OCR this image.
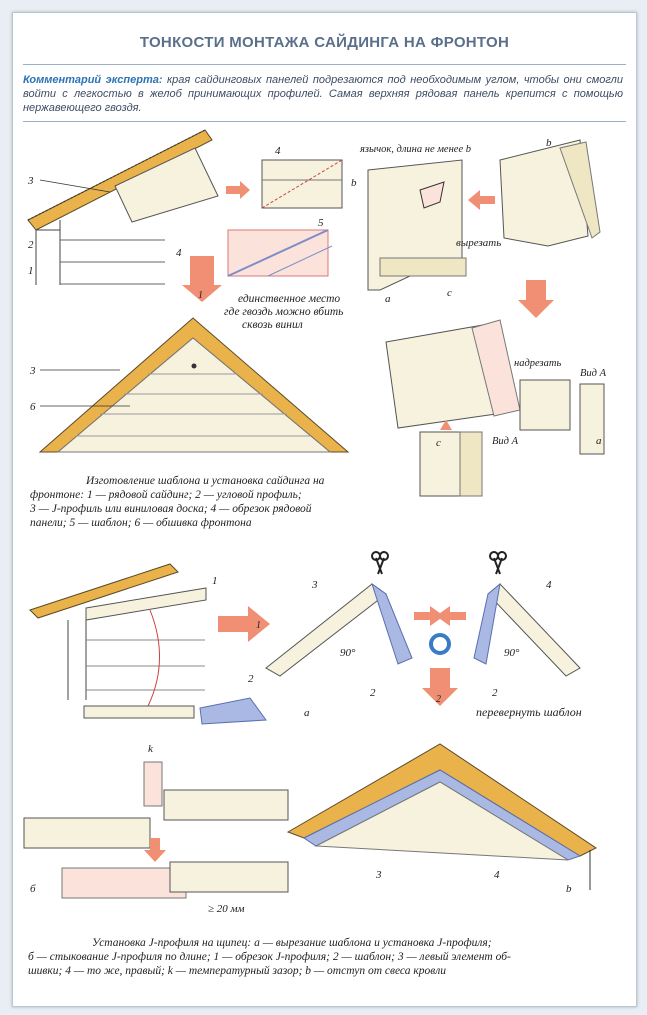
ТОНКОСТИ МОНТАЖА САЙДИНГА НА ФРОНТОН
Комментарий эксперта: края сайдинговых панелей подрезаются под необходимым углом, чтобы они смогли войти с легкостью в желоб принимающих профилей. Самая верхняя рядовая панель крепится с помощью нержавеющего гвоздя.
3
2
1
4
4
5
1	единственное место
где гвоздь можно вбить
сквозь винил
3
6
Изготовление шаблона и установка сайдинга на
фронтоне: 1 — рядовой сайдинг; 2 — угловой профиль;
3 — J-профиль или виниловая доска; 4 — обрезок рядовой
панели; 5 — шаблон; 6 — обшивка фронтона
язычок, длина не менее b
вырезать
a	c
b
b
c	Вид А
надрезать
Вид А
a
1
2
а
1
3
90°
2
4
90°
2
2
перевернуть шаблон
k
б
≥ 20 мм
3	4
b
Установка J-профиля на щипец: а — вырезание шаблона и установка J-профиля;
б — стыкование J-профиля по длине; 1 — обрезок J-профиля; 2 — шаблон; 3 — левый элемент об-
шивки; 4 — то же, правый; k — температурный зазор; b — отступ от свеса кровли
